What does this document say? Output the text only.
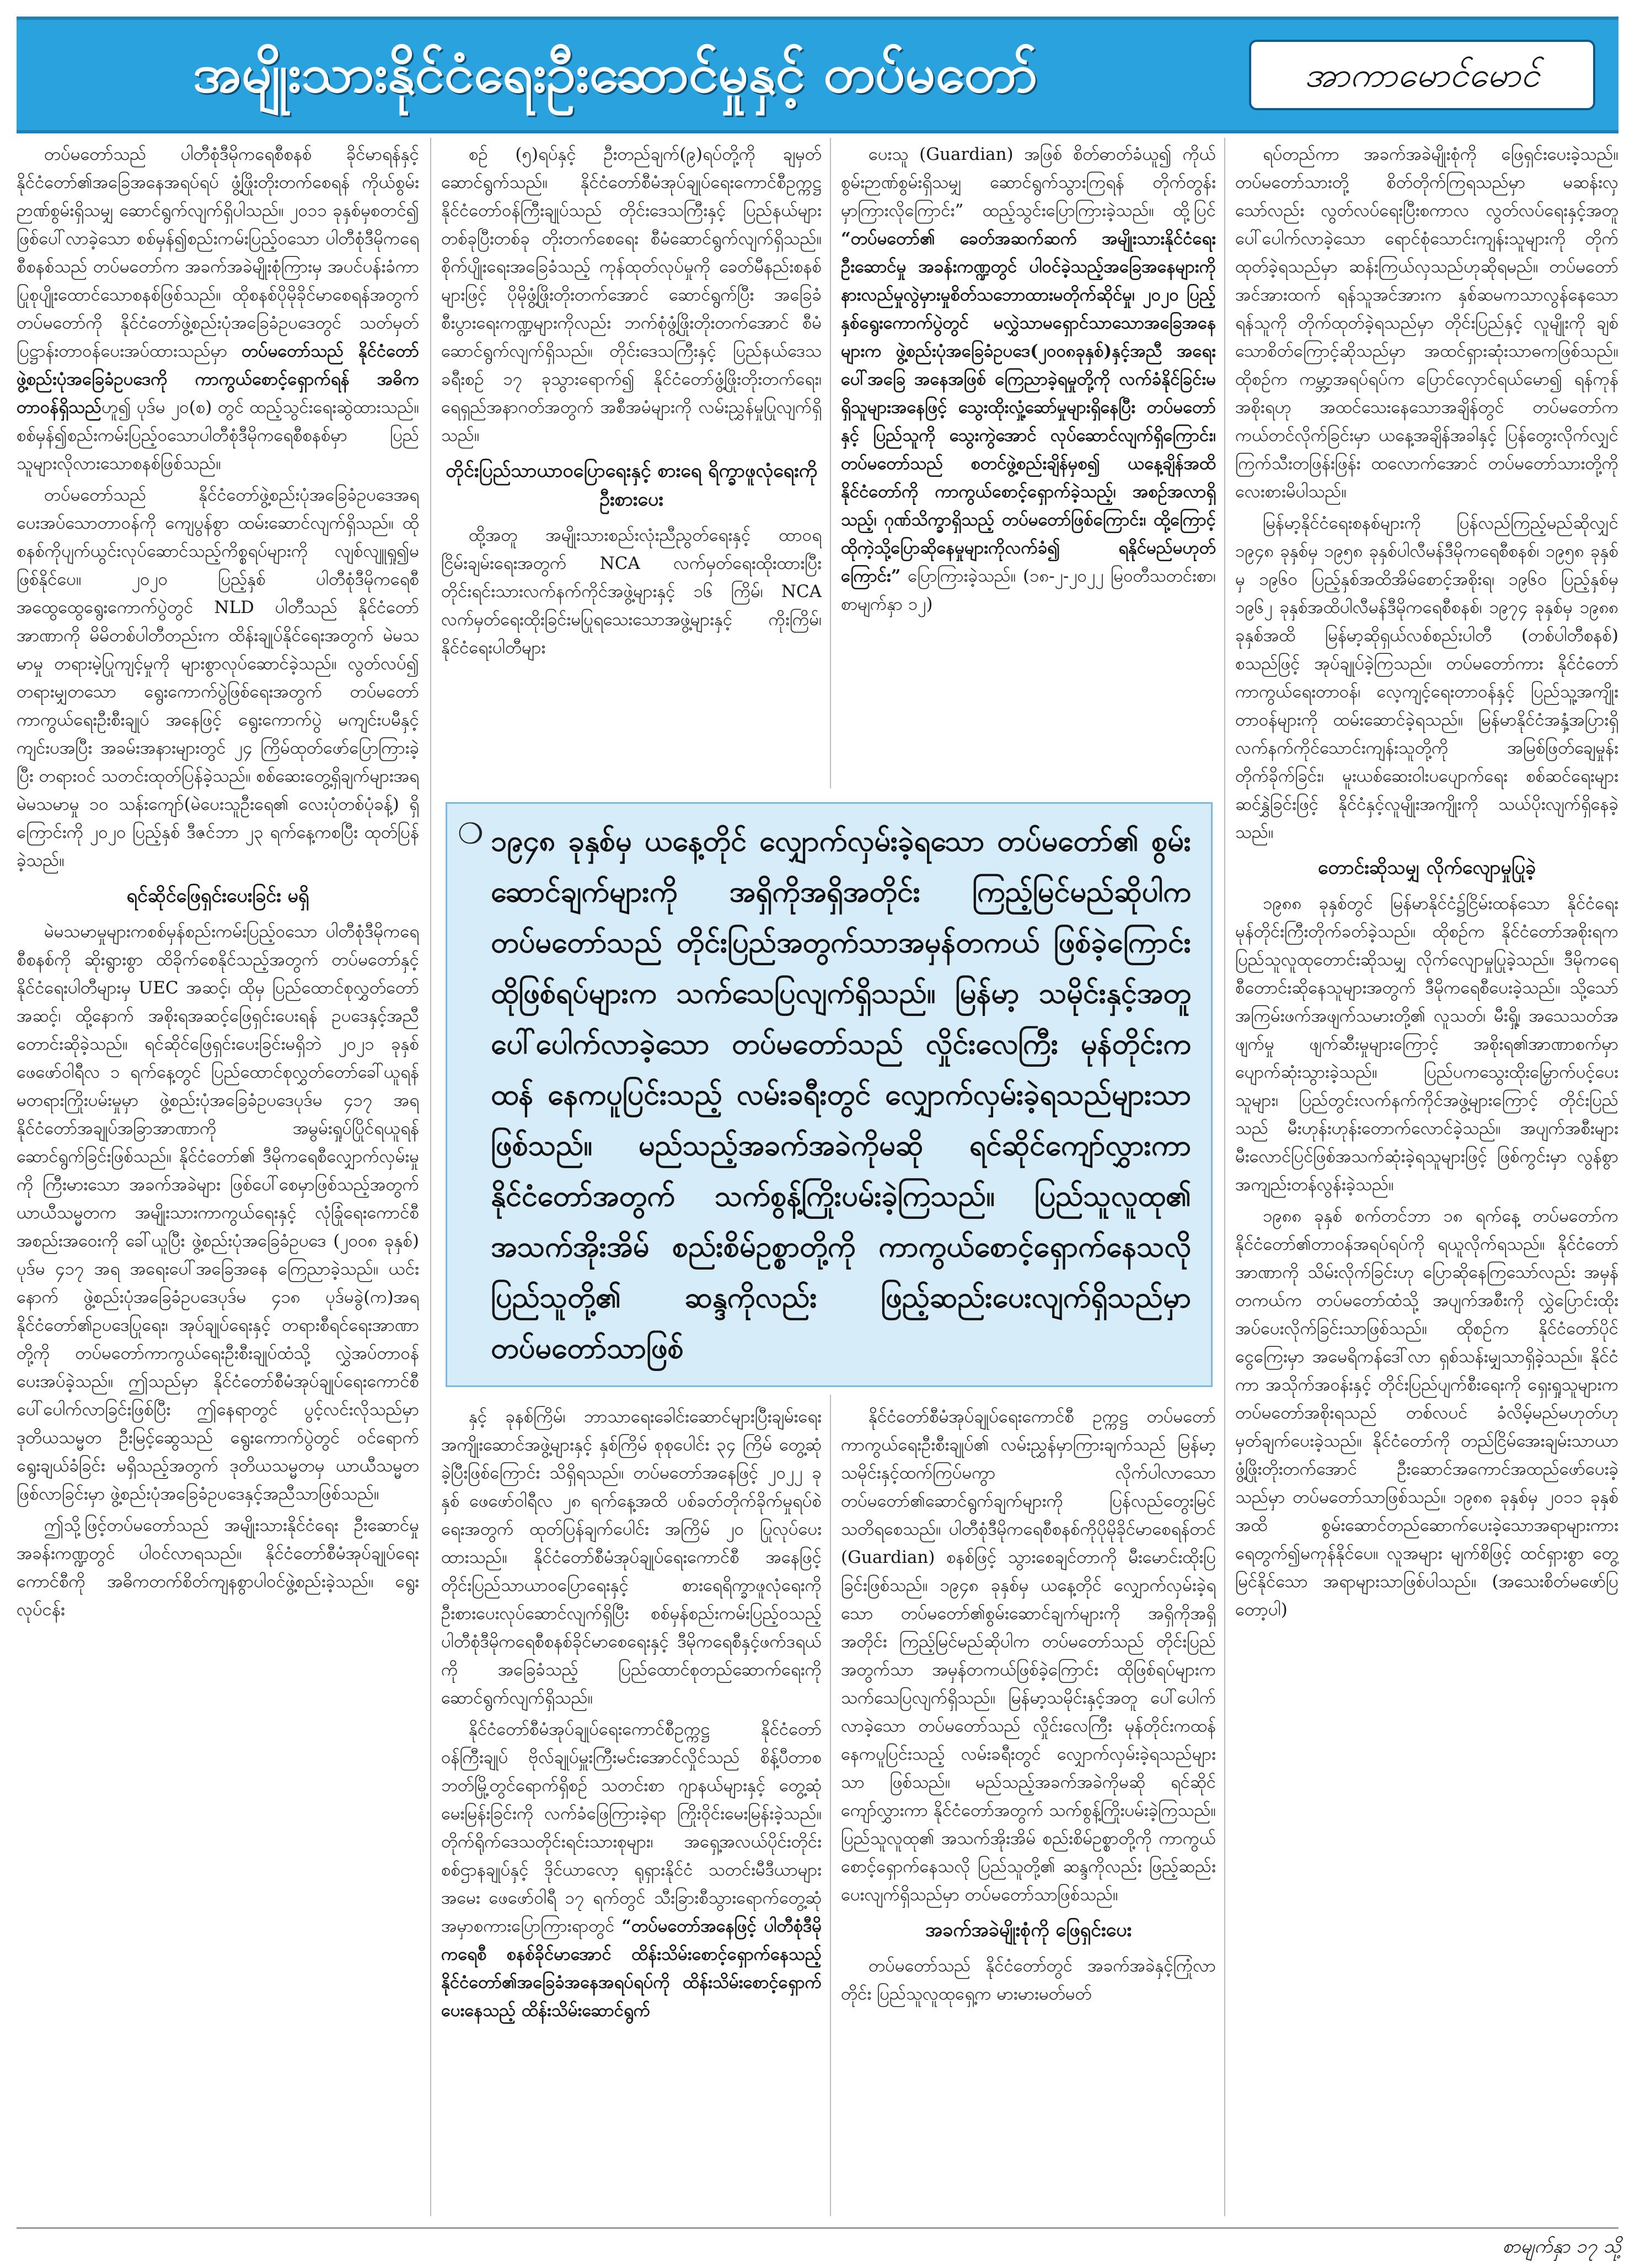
အမျိုးသားနိုင်ငံရေးဦးဆောင်မှုနှင့် တပ်မတော်	အာကာမောင်မောင်

တပ်မတော်သည် ပါတီစုံဒီမိုကရေစီစနစ် ခိုင်မာရန်နှင့် နိုင်ငံတော်၏အခြေအနေအရပ်ရပ် ဖွံ့ဖြိုးတိုးတက်စေရန် ကိုယ်စွမ်းဉာဏ်စွမ်းရှိသမျှ ဆောင်ရွက်လျက်ရှိပါသည်။ ၂၀၁၁ ခုနှစ်မှစတင်၍ ဖြစ်ပေါ်လာခဲ့သော စစ်မှန်၍စည်းကမ်းပြည့်ဝသော ပါတီစုံဒီမိုကရေစီစနစ်သည် တပ်မတော်က အခက်အခဲမျိုးစုံကြားမှ အပင်ပန်းခံကာ ပြုစုပျိုးထောင်သောစနစ်ဖြစ်သည်။ ထိုစနစ်ပိုမိုခိုင်မာစေရန်အတွက် တပ်မတော်ကို နိုင်ငံတော်ဖွဲ့စည်းပုံအခြေခံဥပဒေတွင် သတ်မှတ်ပြဋ္ဌာန်းတာဝန်ပေးအပ်ထားသည်မှာ တပ်မတော်သည် နိုင်ငံတော်ဖွဲ့စည်းပုံအခြေခံဥပဒေကို ကာကွယ်စောင့်ရှောက်ရန် အဓိကတာဝန်ရှိသည်ဟူ၍ ပုဒ်မ ၂၀(စ) တွင် ထည့်သွင်းရေးဆွဲထားသည်။ စစ်မှန်၍စည်းကမ်းပြည့်ဝသောပါတီစုံဒီမိုကရေစီစနစ်မှာ ပြည်သူများလိုလားသောစနစ်ဖြစ်သည်။

တပ်မတော်သည် နိုင်ငံတော်ဖွဲ့စည်းပုံအခြေခံဥပဒေအရ ပေးအပ်သောတာဝန်ကို ကျေပွန်စွာ ထမ်းဆောင်လျက်ရှိသည်။ ထိုစနစ်ကိုပျက်ယွင်းလုပ်ဆောင်သည့်ကိစ္စရပ်များကို လျစ်လျူရှု၍မဖြစ်နိုင်ပေ။ ၂၀၂၀ ပြည့်နှစ် ပါတီစုံဒီမိုကရေစီ အထွေထွေရွေးကောက်ပွဲတွင် NLD ပါတီသည် နိုင်ငံတော်အာဏာကို မိမိတစ်ပါတီတည်းက ထိန်းချုပ်နိုင်ရေးအတွက် မဲမသမာမှု တရားမဲ့ပြုကျင့်မှုကို များစွာလုပ်ဆောင်ခဲ့သည်။ လွတ်လပ်၍ တရားမျှတသော ရွေးကောက်ပွဲဖြစ်ရေးအတွက် တပ်မတော်ကာကွယ်ရေးဦးစီးချုပ် အနေဖြင့် ရွေးကောက်ပွဲ မကျင်းပမီနှင့် ကျင်းပအပြီး အခမ်းအနားများတွင် ၂၄ ကြိမ်ထုတ်ဖော်ပြောကြားခဲ့ပြီး တရားဝင် သတင်းထုတ်ပြန်ခဲ့သည်။ စစ်ဆေးတွေ့ရှိချက်များအရ မဲမသမာမှု ၁၀ သန်းကျော်(မဲပေးသူဦးရေ၏ လေးပုံတစ်ပုံခန့်) ရှိကြောင်းကို ၂၀၂၀ ပြည့်နှစ် ဒီဇင်ဘာ ၂၃ ရက်နေ့ကစပြီး ထုတ်ပြန်ခဲ့သည်။

ရင်ဆိုင်ဖြေရှင်းပေးခြင်း မရှိ

မဲမသမာမှုများကစစ်မှန်စည်းကမ်းပြည့်ဝသော ပါတီစုံဒီမိုကရေစီစနစ်ကို ဆိုးရွားစွာ ထိခိုက်စေနိုင်သည့်အတွက် တပ်မတော်နှင့်နိုင်ငံရေးပါတီများမှ UEC အဆင့်၊ ထိုမှ ပြည်ထောင်စုလွှတ်တော်အဆင့်၊ ထို့နောက် အစိုးရအဆင့်ဖြေရှင်းပေးရန် ဥပဒေနှင့်အညီတောင်းဆိုခဲ့သည်။ ရင်ဆိုင်ဖြေရှင်းပေးခြင်းမရှိဘဲ ၂၀၂၁ ခုနှစ် ဖေဖော်ဝါရီလ ၁ ရက်နေ့တွင် ပြည်ထောင်စုလွှတ်တော်ခေါ်ယူရန် မတရားကြိုးပမ်းမှုမှာ ဖွဲ့စည်းပုံအခြေခံဥပဒေပုဒ်မ ၄၁၇ အရ နိုင်ငံတော်အချုပ်အခြာအာဏာကို အမွမ်းရှုပ်ပြိုင်ရယူရန် ဆောင်ရွက်ခြင်းဖြစ်သည်။ နိုင်ငံတော်၏ ဒီမိုကရေစီလျှောက်လှမ်းမှုကို ကြီးမားသော အခက်အခဲများ ဖြစ်ပေါ်စေမှာဖြစ်သည့်အတွက် ယာယီသမ္မတက အမျိုးသားကာကွယ်ရေးနှင့် လုံခြုံရေးကောင်စီအစည်းအဝေးကို ခေါ်ယူပြီး ဖွဲ့စည်းပုံအခြေခံဥပဒေ (၂၀၀၈ ခုနှစ်) ပုဒ်မ ၄၁၇ အရ အရေးပေါ်အခြေအနေ ကြေညာခဲ့သည်။ ယင်းနောက် ဖွဲ့စည်းပုံအခြေခံဥပဒေပုဒ်မ ၄၁၈ ပုဒ်မခွဲ(က)အရ နိုင်ငံတော်၏ဥပဒေပြုရေး၊ အုပ်ချုပ်ရေးနှင့် တရားစီရင်ရေးအာဏာတို့ကို တပ်မတော်ကာကွယ်ရေးဦးစီးချုပ်ထံသို့ လွှဲအပ်တာဝန်ပေးအပ်ခဲ့သည်။ ဤသည်မှာ နိုင်ငံတော်စီမံအုပ်ချုပ်ရေးကောင်စီ ပေါ်ပေါက်လာခြင်းဖြစ်ပြီး ဤနေရာတွင် ပွင့်လင်းလိုသည်မှာ ဒုတိယသမ္မတ ဦးမြင့်ဆွေသည် ရွေးကောက်ပွဲတွင် ဝင်ရောက်ရွေးချယ်ခံခြင်း မရှိသည့်အတွက် ဒုတိယသမ္မတမှ ယာယီသမ္မတဖြစ်လာခြင်းမှာ ဖွဲ့စည်းပုံအခြေခံဥပဒေနှင့်အညီသာဖြစ်သည်။

ဤသို့ဖြင့်တပ်မတော်သည် အမျိုးသားနိုင်ငံရေး ဦးဆောင်မှုအခန်းကဏ္ဍတွင် ပါဝင်လာရသည်။ နိုင်ငံတော်စီမံအုပ်ချုပ်ရေးကောင်စီကို အဓိကတက်စိတ်ကျနစွာပါဝင်ဖွဲ့စည်းခဲ့သည်။ ရွေးလုပ်ငန်း

စဉ် (၅)ရပ်နှင့် ဦးတည်ချက်(၉)ရပ်တို့ကို ချမှတ်ဆောင်ရွက်သည်။ နိုင်ငံတော်စီမံအုပ်ချုပ်ရေးကောင်စီဥက္ကဋ္ဌ နိုင်ငံတော်ဝန်ကြီးချုပ်သည် တိုင်းဒေသကြီးနှင့် ပြည်နယ်များ တစ်ခုပြီးတစ်ခု တိုးတက်စေရေး စီမံဆောင်ရွက်လျက်ရှိသည်။ စိုက်ပျိုးရေးအခြေခံသည့် ကုန်ထုတ်လုပ်မှုကို ခေတ်မီနည်းစနစ်များဖြင့် ပိုမိုဖွံ့ဖြိုးတိုးတက်အောင် ဆောင်ရွက်ပြီး အခြေခံစီးပွားရေးကဏ္ဍများကိုလည်း ဘက်စုံဖွံ့ဖြိုးတိုးတက်အောင် စီမံဆောင်ရွက်လျက်ရှိသည်။ တိုင်းဒေသကြီးနှင့် ပြည်နယ်ဒေသခရီးစဉ် ၁၇ ခုသွားရောက်၍ နိုင်ငံတော်ဖွံ့ဖြိုးတိုးတက်ရေး၊ ရေရှည်အနာဂတ်အတွက် အစီအမံများကို လမ်းညွှန်မှုပြုလျက်ရှိသည်။

တိုင်းပြည်သာယာဝပြောရေးနှင့် စားရေ ရိက္ခာဖူလုံရေးကို ဦးစားပေး

ထို့အတူ အမျိုးသားစည်းလုံးညီညွတ်ရေးနှင့် ထာဝရငြိမ်းချမ်းရေးအတွက် NCA လက်မှတ်ရေးထိုးထားပြီး တိုင်းရင်းသားလက်နက်ကိုင်အဖွဲ့များနှင့် ၁၆ ကြိမ်၊ NCA လက်မှတ်ရေးထိုးခြင်းမပြုရသေးသောအဖွဲ့များနှင့် ကိုးကြိမ်၊ နိုင်ငံရေးပါတီများ

ပေးသူ (Guardian) အဖြစ် စိတ်ဓာတ်ခံယူ၍ ကိုယ်စွမ်းဉာဏ်စွမ်းရှိသမျှ ဆောင်ရွက်သွားကြရန် တိုက်တွန်းမှာကြားလိုကြောင်း” ထည့်သွင်းပြောကြားခဲ့သည်။ ထို့ပြင် “တပ်မတော်၏ ခေတ်အဆက်ဆက် အမျိုးသားနိုင်ငံရေးဦးဆောင်မှု အခန်းကဏ္ဍတွင် ပါဝင်ခဲ့သည့်အခြေအနေများကို နားလည်မှုလွဲမှားမှုစိတ်သဘောထားမတိုက်ဆိုင်မှု၊ ၂၀၂၀ ပြည့်နှစ်ရွေးကောက်ပွဲတွင် မလွှဲသာမရှောင်သာသောအခြေအနေများက ဖွဲ့စည်းပုံအခြေခံဥပဒေ(၂၀၀၈ခုနှစ်)နှင့်အညီ အရေးပေါ်အခြေ အနေအဖြစ် ကြေညာခဲ့ရမှုတို့ကို လက်ခံနိုင်ခြင်းမရှိသူများအနေဖြင့် သွေးထိုးလှုံ့ဆော်မှုများရှိနေပြီး တပ်မတော်နှင့် ပြည်သူကို သွေးကွဲအောင် လုပ်ဆောင်လျက်ရှိကြောင်း၊ တပ်မတော်သည် စတင်ဖွဲ့စည်းချိန်မှစ၍ ယနေ့ချိန်အထိ နိုင်ငံတော်ကို ကာကွယ်စောင့်ရှောက်ခဲ့သည့်၊ အစဉ်အလာရှိသည့်၊ ဂုဏ်သိက္ခာရှိသည့် တပ်မတော်ဖြစ်ကြောင်း၊ ထို့ကြောင့် ထိုကဲ့သို့ပြောဆိုနေမှုများကိုလက်ခံ၍ ရနိုင်မည်မဟုတ်ကြောင်း” ပြောကြားခဲ့သည်။ (၁၈-၂-၂၀၂၂ မြဝတီသတင်းစာ၊ စာမျက်နှာ ၁၂)

❍ ၁၉၄၈ ခုနှစ်မှ ယနေ့တိုင် လျှောက်လှမ်းခဲ့ရသော တပ်မတော်၏ စွမ်းဆောင်ချက်များကို အရှိကိုအရှိအတိုင်း ကြည့်မြင်မည်ဆိုပါက တပ်မတော်သည် တိုင်းပြည်အတွက်သာအမှန်တကယ် ဖြစ်ခဲ့ကြောင်း ထိုဖြစ်ရပ်များက သက်သေပြလျက်ရှိသည်။ မြန်မာ့ သမိုင်းနှင့်အတူ ပေါ်ပေါက်လာခဲ့သော တပ်မတော်သည် လှိုင်းလေကြီး မုန်တိုင်းကထန် နေကပူပြင်းသည့် လမ်းခရီးတွင် လျှောက်လှမ်းခဲ့ရသည်များသာ ဖြစ်သည်။ မည်သည့်အခက်အခဲကိုမဆို ရင်ဆိုင်ကျော်လွှားကာ နိုင်ငံတော်အတွက် သက်စွန့်ကြိုးပမ်းခဲ့ကြသည်။ ပြည်သူလူထု၏ အသက်အိုးအိမ် စည်းစိမ်ဥစ္စာတို့ကို ကာကွယ်စောင့်ရှောက်နေသလို ပြည်သူတို့၏ ဆန္ဒကိုလည်း ဖြည့်ဆည်းပေးလျက်ရှိသည်မှာ တပ်မတော်သာဖြစ်

နှင့် ခုနစ်ကြိမ်၊ ဘာသာရေးခေါင်းဆောင်များပြီးချမ်းရေး အကျိုးဆောင်အဖွဲ့များနှင့် နှစ်ကြိမ် စုစုပေါင်း ၃၄ ကြိမ် တွေ့ဆုံခဲ့ပြီးဖြစ်ကြောင်း သိရှိရသည်။ တပ်မတော်အနေဖြင့် ၂၀၂၂ ခုနှစ် ဖေဖော်ဝါရီလ ၂၈ ရက်နေ့အထိ ပစ်ခတ်တိုက်ခိုက်မှုရပ်စဲရေးအတွက် ထုတ်ပြန်ချက်ပေါင်း အကြိမ် ၂၀ ပြုလုပ်ပေးထားသည်။ နိုင်ငံတော်စီမံအုပ်ချုပ်ရေးကောင်စီ အနေဖြင့် တိုင်းပြည်သာယာဝပြောရေးနှင့် စားရေရိက္ခာဖူလုံရေးကို ဦးစားပေးလုပ်ဆောင်လျက်ရှိပြီး စစ်မှန်စည်းကမ်းပြည့်ဝသည့် ပါတီစုံဒီမိုကရေစီစနစ်ခိုင်မာစေရေးနှင့် ဒီမိုကရေစီနှင့်ဖက်ဒရယ်ကို အခြေခံသည့် ပြည်ထောင်စုတည်ဆောက်ရေးကို ဆောင်ရွက်လျက်ရှိသည်။

နိုင်ငံတော်စီမံအုပ်ချုပ်ရေးကောင်စီဥက္ကဋ္ဌ နိုင်ငံတော်ဝန်ကြီးချုပ် ဗိုလ်ချုပ်မှူးကြီးမင်းအောင်လှိုင်သည် စိန့်ပီတာစဘတ်မြို့တွင်ရောက်ရှိစဉ် သတင်းစာ ဂျာနယ်များနှင့် တွေ့ဆုံမေးမြန်းခြင်းကို လက်ခံဖြေကြားခဲ့ရာ ကြိုးဝိုင်းမေးမြန်းခဲ့သည်။ တိုက်ရိုက်ဒေသတိုင်းရင်းသားစုများ၊ အရှေ့အလယ်ပိုင်းတိုင်း စစ်ဌာနချုပ်နှင့် ဒိုင်ယာလော့ ရုရှားနိုင်ငံ သတင်းမီဒီယာများ အမေး ဖေဖော်ဝါရီ ၁၇ ရက်တွင် သီးခြားစီသွားရောက်တွေ့ဆုံ အမှာစကားပြောကြားရာတွင် “တပ်မတော်အနေဖြင့် ပါတီစုံဒီမိုကရေစီ စနစ်ခိုင်မာအောင် ထိန်းသိမ်းစောင့်ရှောက်နေသည့် နိုင်ငံတော်၏အခြေခံအနေအရပ်ရပ်ကို ထိန်းသိမ်းစောင့်ရှောက်ပေးနေသည့် ထိန်းသိမ်းဆောင်ရွက်

နိုင်ငံတော်စီမံအုပ်ချုပ်ရေးကောင်စီ ဥက္ကဋ္ဌ တပ်မတော်ကာကွယ်ရေးဦးစီးချုပ်၏ လမ်းညွှန်မှာကြားချက်သည် မြန်မာ့သမိုင်းနှင့်ထက်ကြပ်မကွာ လိုက်ပါလာသော တပ်မတော်၏ဆောင်ရွက်ချက်များကို ပြန်လည်တွေးမြင်သတိရစေသည်။ ပါတီစုံဒီမိုကရေစီစနစ်ကိုပိုမိုခိုင်မာစေရန်တင် (Guardian) စနစ်ဖြင့် သွားစေချင်တာကို မီးမောင်းထိုးပြခြင်းဖြစ်သည်။ ၁၉၄၈ ခုနှစ်မှ ယနေ့တိုင် လျှောက်လှမ်းခဲ့ရသော တပ်မတော်၏စွမ်းဆောင်ချက်များကို အရှိကိုအရှိအတိုင်း ကြည့်မြင်မည်ဆိုပါက တပ်မတော်သည် တိုင်းပြည်အတွက်သာ အမှန်တကယ်ဖြစ်ခဲ့ကြောင်း ထိုဖြစ်ရပ်များက သက်သေပြလျက်ရှိသည်။ မြန်မာ့သမိုင်းနှင့်အတူ ပေါ်ပေါက်လာခဲ့သော တပ်မတော်သည် လှိုင်းလေကြီး မုန်တိုင်းကထန် နေကပူပြင်းသည့် လမ်းခရီးတွင် လျှောက်လှမ်းခဲ့ရသည်များသာ ဖြစ်သည်။ မည်သည့်အခက်အခဲကိုမဆို ရင်ဆိုင်ကျော်လွှားကာ နိုင်ငံတော်အတွက် သက်စွန့်ကြိုးပမ်းခဲ့ကြသည်။ ပြည်သူလူထု၏ အသက်အိုးအိမ် စည်းစိမ်ဥစ္စာတို့ကို ကာကွယ်စောင့်ရှောက်နေသလို ပြည်သူတို့၏ ဆန္ဒကိုလည်း ဖြည့်ဆည်းပေးလျက်ရှိသည်မှာ တပ်မတော်သာဖြစ်သည်။

အခက်အခဲမျိုးစုံကို ဖြေရှင်းပေး

တပ်မတော်သည် နိုင်ငံတော်တွင် အခက်အခဲနှင့်ကြုံလာတိုင်း ပြည်သူလူထုရှေ့က မားမားမတ်မတ်

ရပ်တည်ကာ အခက်အခဲမျိုးစုံကို ဖြေရှင်းပေးခဲ့သည်။ တပ်မတော်သားတို့ စိတ်တိုက်ကြရသည်မှာ မဆန်းလှသော်လည်း လွတ်လပ်ရေးပြီးစကာလ လွတ်လပ်ရေးနှင့်အတူ ပေါ်ပေါက်လာခဲ့သော ရောင်စုံသောင်းကျန်းသူများကို တိုက်ထုတ်ခဲ့ရသည်မှာ ဆန်းကြယ်လှသည်ဟုဆိုရမည်။ တပ်မတော်အင်အားထက် ရန်သူအင်အားက နှစ်ဆမကသာလွန်နေသောရန်သူကို တိုက်ထုတ်ခဲ့ရသည်မှာ တိုင်းပြည်နှင့် လူမျိုးကို ချစ်သောစိတ်ကြောင့်ဆိုသည်မှာ အထင်ရှားဆုံးသာဓကဖြစ်သည်။ ထိုစဉ်က ကမ္ဘာ့အရပ်ရပ်က ပြောင်လှောင်ရယ်မော၍ ရန်ကုန်အစိုးရဟု အထင်သေးနေသောအချိန်တွင် တပ်မတော်က ကယ်တင်လိုက်ခြင်းမှာ ယနေ့အချိန်အခါနှင့် ပြန်တွေးလိုက်လျှင် ကြက်သီးတဖြန်းဖြန်း ထလောက်အောင် တပ်မတော်သားတို့ကို လေးစားမိပါသည်။

မြန်မာ့နိုင်ငံရေးစနစ်များကို ပြန်လည်ကြည့်မည်ဆိုလျှင် ၁၉၄၈ ခုနှစ်မှ ၁၉၅၈ ခုနှစ်ပါလီမန်ဒီမိုကရေစီစနစ်၊ ၁၉၅၈ ခုနှစ်မှ ၁၉၆၀ ပြည့်နှစ်အထိအိမ်စောင့်အစိုးရ၊ ၁၉၆၀ ပြည့်နှစ်မှ ၁၉၆၂ ခုနှစ်အထိပါလီမန်ဒီမိုကရေစီစနစ်၊ ၁၉၇၄ ခုနှစ်မှ ၁၉၈၈ ခုနှစ်အထိ မြန်မာ့ဆိုရှယ်လစ်စည်းပါတီ (တစ်ပါတီစနစ်) စသည်ဖြင့် အုပ်ချုပ်ခဲ့ကြသည်။ တပ်မတော်ကား နိုင်ငံတော်ကာကွယ်ရေးတာဝန်၊ လေ့ကျင့်ရေးတာဝန်နှင့် ပြည်သူ့အကျိုးတာဝန်များကို ထမ်းဆောင်ခဲ့ရသည်။ မြန်မာနိုင်ငံအနှံ့အပြားရှိ လက်နက်ကိုင်သောင်းကျန်းသူတို့ကို အမြစ်ဖြတ်ချေမှုန်းတိုက်ခိုက်ခြင်း၊ မူးယစ်ဆေးဝါးပပျောက်ရေး စစ်ဆင်ရေးများ ဆင်နွှဲခြင်းဖြင့် နိုင်ငံနှင့်လူမျိုးအကျိုးကို သယ်ပိုးလျက်ရှိနေခဲ့သည်။

တောင်းဆိုသမျှ လိုက်လျောမှုပြုခဲ့

၁၉၈၈ ခုနှစ်တွင် မြန်မာနိုင်ငံ၌ငြိမ်းထန်သော နိုင်ငံရေးမုန်တိုင်းကြီးတိုက်ခတ်ခဲ့သည်။ ထိုစဉ်က နိုင်ငံတော်အစိုးရက ပြည်သူလူထုတောင်းဆိုသမျှ လိုက်လျောမှုပြုခဲ့သည်။ ဒီမိုကရေစီတောင်းဆိုနေသူများအတွက် ဒီမိုကရေစီပေးခဲ့သည်။ သို့သော် အကြမ်းဖက်အဖျက်သမားတို့၏ လူသတ်၊ မီးရှို့၊ အသေသတ်အဖျက်မှု ဖျက်ဆီးမှုများကြောင့် အစိုးရ၏အာဏာစက်မှာ ပျောက်ဆုံးသွားခဲ့သည်။ ပြည်ပကသွေးထိုးမြှောက်ပင့်ပေးသူများ၊ ပြည်တွင်းလက်နက်ကိုင်အဖွဲ့များကြောင့် တိုင်းပြည်သည် မီးဟုန်းဟုန်းတောက်လောင်ခဲ့သည်။ အပျက်အစီးများ မီးလောင်ပြင်ဖြစ်အသက်ဆုံးခဲ့ရသူများဖြင့် ဖြစ်ကွင်းမှာ လွန်စွာအကျည်းတန်လွန်းခဲ့သည်။

၁၉၈၈ ခုနှစ် စက်တင်ဘာ ၁၈ ရက်နေ့ တပ်မတော်က နိုင်ငံတော်၏တာဝန်အရပ်ရပ်ကို ရယူလိုက်ရသည်။ နိုင်ငံတော်အာဏာကို သိမ်းလိုက်ခြင်းဟု ပြောဆိုနေကြသော်လည်း အမှန်တကယ်က တပ်မတော်ထံသို့ အပျက်အစီးကို လွှဲပြောင်းထိုးအပ်ပေးလိုက်ခြင်းသာဖြစ်သည်။ ထိုစဉ်က နိုင်ငံတော်ပိုင်ငွေကြေးမှာ အမေရိကန်ဒေါ်လာ ရှစ်သန်းမျှသာရှိခဲ့သည်။ နိုင်ငံကာ အသိုက်အဝန်းနှင့် တိုင်းပြည်ပျက်စီးရေးကို ရှေးရှုသူများကတပ်မတော်အစိုးရသည် တစ်လပင် ခံလိမ့်မည်မဟုတ်ဟု မှတ်ချက်ပေးခဲ့သည်။ နိုင်ငံတော်ကို တည်ငြိမ်အေးချမ်းသာယာဖွံ့ဖြိုးတိုးတက်အောင် ဦးဆောင်အကောင်အထည်ဖော်ပေးခဲ့သည်မှာ တပ်မတော်သာဖြစ်သည်။ ၁၉၈၈ ခုနှစ်မှ ၂၀၁၁ ခုနှစ်အထိ စွမ်းဆောင်တည်ဆောက်ပေးခဲ့သောအရာများကား ရေတွက်၍မကုန်နိုင်ပေ။ လူအများ မျက်စိဖြင့် ထင်ရှားစွာ တွေ့မြင်နိုင်သော အရာများသာဖြစ်ပါသည်။ (အသေးစိတ်မဖော်ပြတော့ပါ)

စာမျက်နှာ ၁၇ သို့
